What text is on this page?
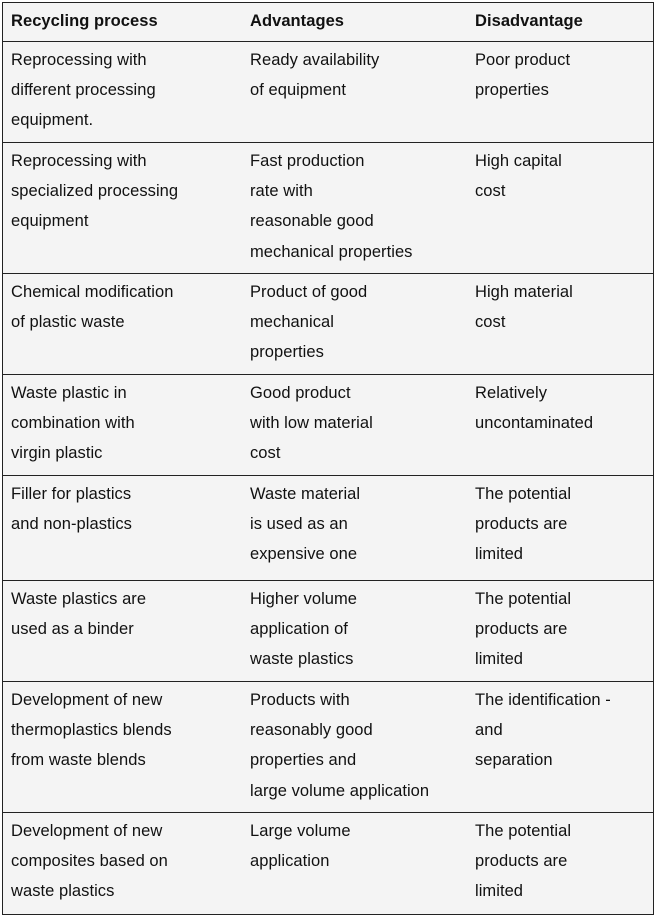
Recycling process	Advantages	Disadvantage
Reprocessing with
different processing
equipment.
Ready availability
of equipment
Poor product
properties
Reprocessing with
specialized processing
equipment
Fast production
rate with
reasonable good
mechanical properties
High capital
cost
Chemical modification
of plastic waste
Product of good
mechanical
properties
High material
cost
Waste plastic in
combination with
virgin plastic
Good product
with low material
cost
Relatively
uncontaminated
Filler for plastics
and non-plastics
Waste material
is used as an
expensive one
The potential
products are
limited
Waste plastics are
used as a binder
Higher volume
application of
waste plastics
The potential
products are
limited
Development of new
thermoplastics blends
from waste blends
Products with
reasonably good
properties and
large volume application
The identification -
and
separation
Development of new
composites based on
waste plastics
Large volume
application
The potential
products are
limited
